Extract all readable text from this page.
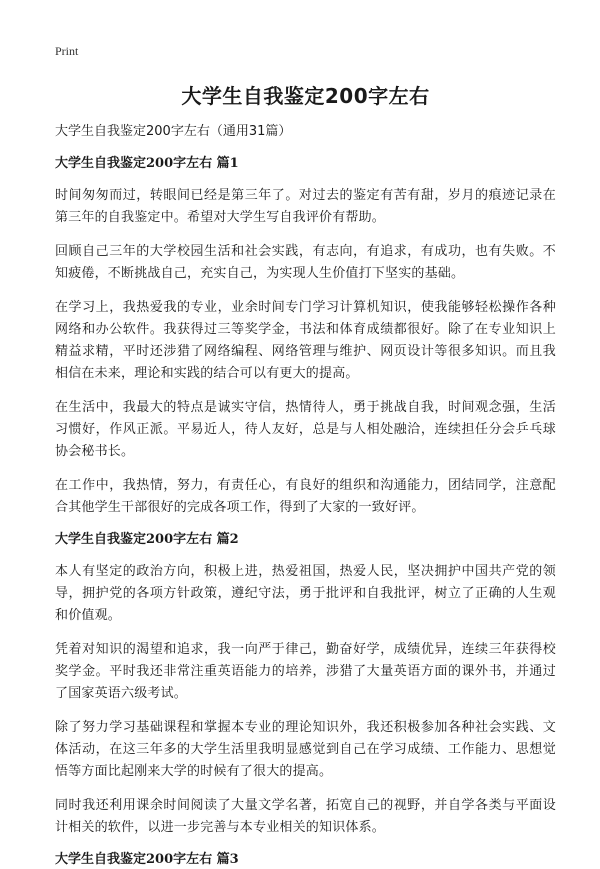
Print
大学生自我鉴定200字左右

大学生自我鉴定200字左右（通用31篇）

大学生自我鉴定200字左右 篇1

时间匆匆而过，转眼间已经是第三年了。对过去的鉴定有苦有甜，岁月的痕迹记录在第三年的自我鉴定中。希望对大学生写自我评价有帮助。

回顾自己三年的大学校园生活和社会实践，有志向，有追求，有成功，也有失败。不知疲倦，不断挑战自己，充实自己，为实现人生价值打下坚实的基础。

在学习上，我热爱我的专业，业余时间专门学习计算机知识，使我能够轻松操作各种网络和办公软件。我获得过三等奖学金，书法和体育成绩都很好。除了在专业知识上精益求精，平时还涉猎了网络编程、网络管理与维护、网页设计等很多知识。而且我相信在未来，理论和实践的结合可以有更大的提高。

在生活中，我最大的特点是诚实守信，热情待人，勇于挑战自我，时间观念强，生活习惯好，作风正派。平易近人，待人友好，总是与人相处融洽，连续担任分会乒乓球协会秘书长。

在工作中，我热情，努力，有责任心，有良好的组织和沟通能力，团结同学，注意配合其他学生干部很好的完成各项工作，得到了大家的一致好评。

大学生自我鉴定200字左右 篇2

本人有坚定的政治方向，积极上进，热爱祖国，热爱人民，坚决拥护中国共产党的领导，拥护党的各项方针政策，遵纪守法，勇于批评和自我批评，树立了正确的人生观和价值观。

凭着对知识的渴望和追求，我一向严于律己，勤奋好学，成绩优异，连续三年获得校奖学金。平时我还非常注重英语能力的培养，涉猎了大量英语方面的课外书，并通过了国家英语六级考试。

除了努力学习基础课程和掌握本专业的理论知识外，我还积极参加各种社会实践、文体活动，在这三年多的大学生活里我明显感觉到自己在学习成绩、工作能力、思想觉悟等方面比起刚来大学的时候有了很大的提高。

同时我还利用课余时间阅读了大量文学名著，拓宽自己的视野，并自学各类与平面设计相关的软件，以进一步完善与本专业相关的知识体系。

大学生自我鉴定200字左右 篇3
